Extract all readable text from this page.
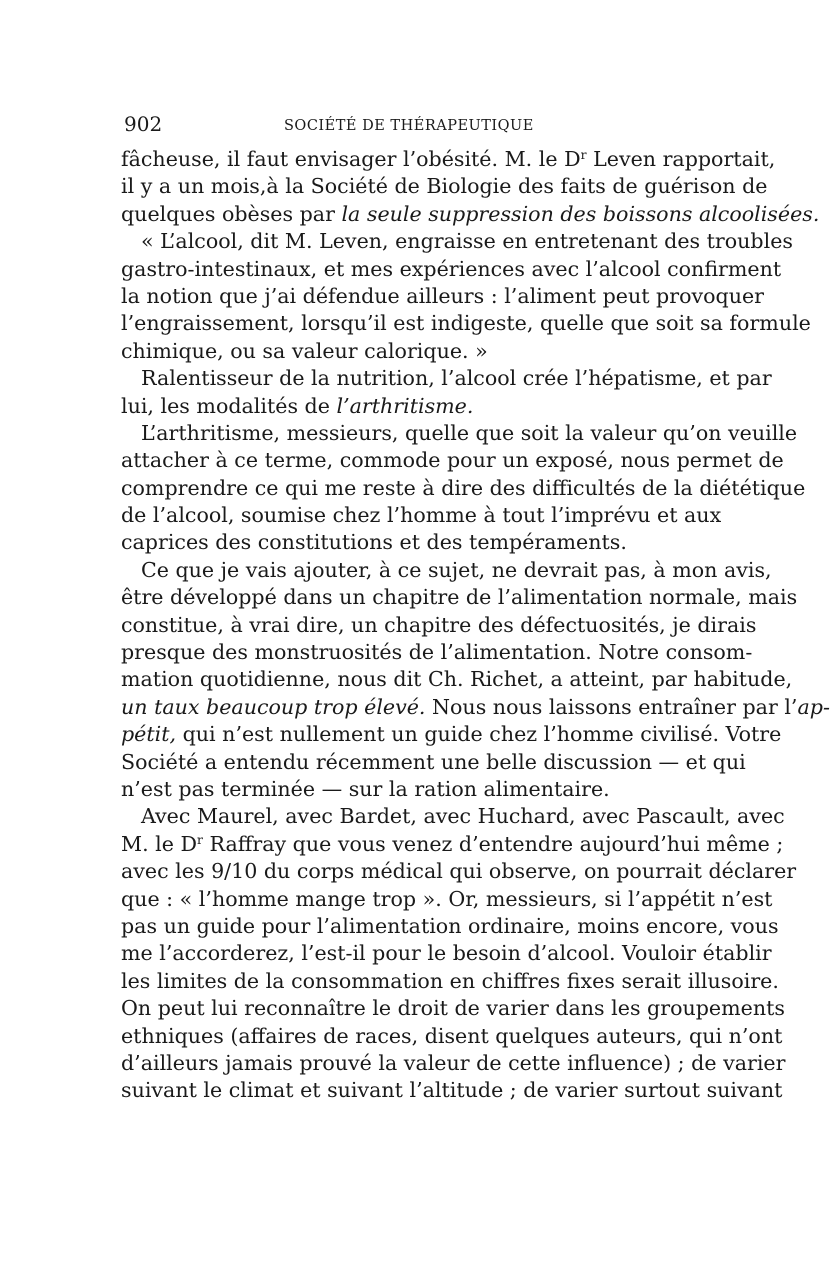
902	SOCIÉTÉ DE THÉRAPEUTIQUE
fâcheuse, il faut envisager l’obésité. M. le $D^r$ Leven rapportait,
il y a un mois,à la Société de Biologie des faits de guérison de
quelques obèses par la seule suppression des boissons alcoolisées.
« L’alcool, dit M. Leven, engraisse en entretenant des troubles
gastro-intestinaux, et mes expériences avec l’alcool confirment
la notion que j’ai défendue ailleurs : l’aliment peut provoquer
l’engraissement, lorsqu’il est indigeste, quelle que soit sa formule
chimique, ou sa valeur calorique. »
Ralentisseur de la nutrition, l’alcool crée l’hépatisme, et par
lui, les modalités de l’arthritisme.
L’arthritisme, messieurs, quelle que soit la valeur qu’on veuille
attacher à ce terme, commode pour un exposé, nous permet de
comprendre ce qui me reste à dire des difficultés de la diététique
de l’alcool, soumise chez l’homme à tout l’imprévu et aux
caprices des constitutions et des tempéraments.
Ce que je vais ajouter, à ce sujet, ne devrait pas, à mon avis,
être développé dans un chapitre de l’alimentation normale, mais
constitue, à vrai dire, un chapitre des défectuosités, je dirais
presque des monstruosités de l’alimentation. Notre consom-
mation quotidienne, nous dit Ch. Richet, a atteint, par habitude,
un taux beaucoup trop élevé. Nous nous laissons entraîner par l’ap-
pétit, qui n’est nullement un guide chez l’homme civilisé. Votre
Société a entendu récemment une belle discussion — et qui
n’est pas terminée — sur la ration alimentaire.
Avec Maurel, avec Bardet, avec Huchard, avec Pascault, avec
M. le $D^r$ Raffray que vous venez d’entendre aujourd’hui même ;
avec les 9/10 du corps médical qui observe, on pourrait déclarer
que : « l’homme mange trop ». Or, messieurs, si l’appétit n’est
pas un guide pour l’alimentation ordinaire, moins encore, vous
me l’accorderez, l’est-il pour le besoin d’alcool. Vouloir établir
les limites de la consommation en chiffres fixes serait illusoire.
On peut lui reconnaître le droit de varier dans les groupements
ethniques (affaires de races, disent quelques auteurs, qui n’ont
d’ailleurs jamais prouvé la valeur de cette influence) ; de varier
suivant le climat et suivant l’altitude ; de varier surtout suivant
